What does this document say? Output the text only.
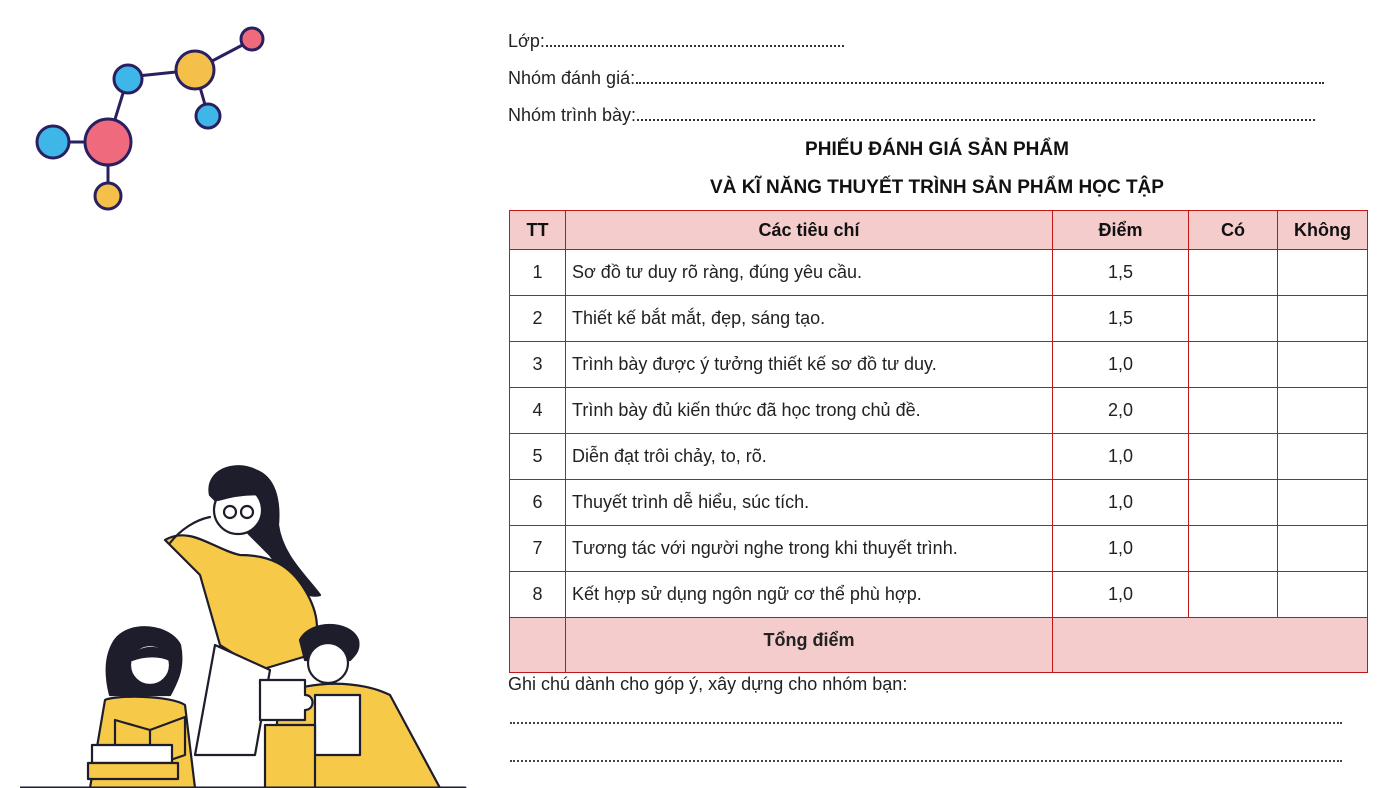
Lớp:
Nhóm đánh giá:
Nhóm trình bày:
PHIẾU ĐÁNH GIÁ SẢN PHẨM
VÀ KĨ NĂNG THUYẾT TRÌNH SẢN PHẨM HỌC TẬP
TT	Các tiêu chí	Điểm	Có	Không
1	Sơ đồ tư duy rõ ràng, đúng yêu cầu.	1,5		
2	Thiết kế bắt mắt, đẹp, sáng tạo.	1,5		
3	Trình bày được ý tưởng thiết kế sơ đồ tư duy.	1,0		
4	Trình bày đủ kiến thức đã học trong chủ đề.	2,0		
5	Diễn đạt trôi chảy, to, rõ.	1,0		
6	Thuyết trình dễ hiểu, súc tích.	1,0		
7	Tương tác với người nghe trong khi thuyết trình.	1,0		
8	Kết hợp sử dụng ngôn ngữ cơ thể phù hợp.	1,0		
	Tổng điểm			
Ghi chú dành cho góp ý, xây dựng cho nhóm bạn:
